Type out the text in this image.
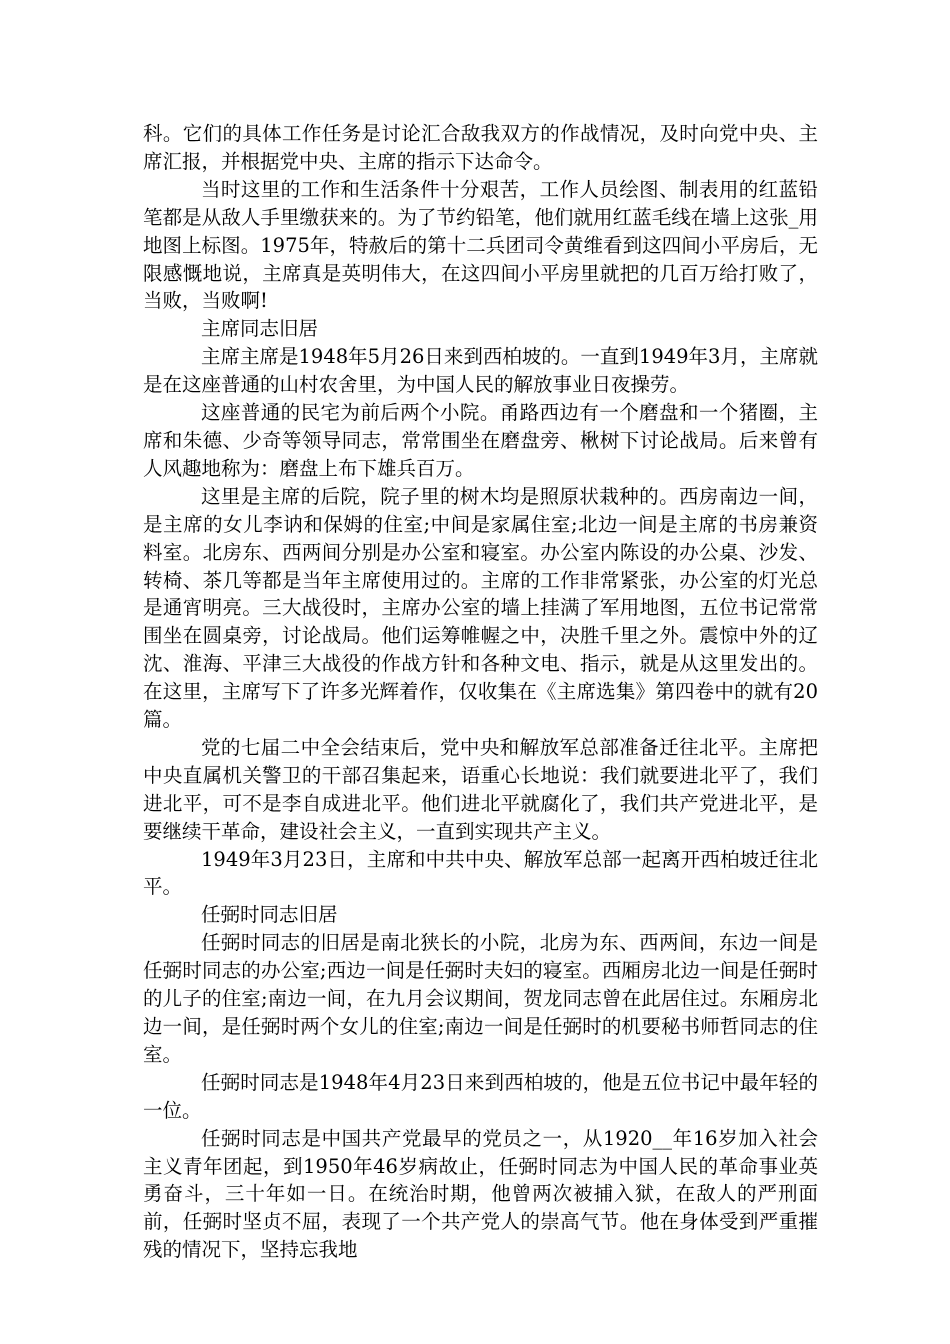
科。它们的具体工作任务是讨论汇合敌我双方的作战情况，及时向党中央、主席汇报，并根据党中央、主席的指示下达命令。

当时这里的工作和生活条件十分艰苦，工作人员绘图、制表用的红蓝铅笔都是从敌人手里缴获来的。为了节约铅笔，他们就用红蓝毛线在墙上这张_用地图上标图。1975年，特赦后的第十二兵团司令黄维看到这四间小平房后，无限感慨地说，主席真是英明伟大，在这四间小平房里就把的几百万给打败了，当败，当败啊!

主席同志旧居

主席主席是1948年5月26日来到西柏坡的。一直到1949年3月，主席就是在这座普通的山村农舍里，为中国人民的解放事业日夜操劳。

这座普通的民宅为前后两个小院。甬路西边有一个磨盘和一个猪圈，主席和朱德、少奇等领导同志，常常围坐在磨盘旁、楸树下讨论战局。后来曾有人风趣地称为：磨盘上布下雄兵百万。

这里是主席的后院，院子里的树木均是照原状栽种的。西房南边一间，是主席的女儿李讷和保姆的住室;中间是家属住室;北边一间是主席的书房兼资料室。北房东、西两间分别是办公室和寝室。办公室内陈设的办公桌、沙发、转椅、茶几等都是当年主席使用过的。主席的工作非常紧张，办公室的灯光总是通宵明亮。三大战役时，主席办公室的墙上挂满了军用地图，五位书记常常围坐在圆桌旁，讨论战局。他们运筹帷幄之中，决胜千里之外。震惊中外的辽沈、淮海、平津三大战役的作战方针和各种文电、指示，就是从这里发出的。在这里，主席写下了许多光辉着作，仅收集在《主席选集》第四卷中的就有20篇。

党的七届二中全会结束后，党中央和解放军总部准备迁往北平。主席把中央直属机关警卫的干部召集起来，语重心长地说：我们就要进北平了，我们进北平，可不是李自成进北平。他们进北平就腐化了，我们共产党进北平，是要继续干革命，建设社会主义，一直到实现共产主义。

1949年3月23日，主席和中共中央、解放军总部一起离开西柏坡迁往北平。

任弼时同志旧居

任弼时同志的旧居是南北狭长的小院，北房为东、西两间，东边一间是任弼时同志的办公室;西边一间是任弼时夫妇的寝室。西厢房北边一间是任弼时的儿子的住室;南边一间，在九月会议期间，贺龙同志曾在此居住过。东厢房北边一间，是任弼时两个女儿的住室;南边一间是任弼时的机要秘书师哲同志的住室。

任弼时同志是1948年4月23日来到西柏坡的，他是五位书记中最年轻的一位。

任弼时同志是中国共产党最早的党员之一，从1920__年16岁加入社会主义青年团起，到1950年46岁病故止，任弼时同志为中国人民的革命事业英勇奋斗，三十年如一日。在统治时期，他曾两次被捕入狱，在敌人的严刑面前，任弼时坚贞不屈，表现了一个共产党人的崇高气节。他在身体受到严重摧残的情况下，坚持忘我地
